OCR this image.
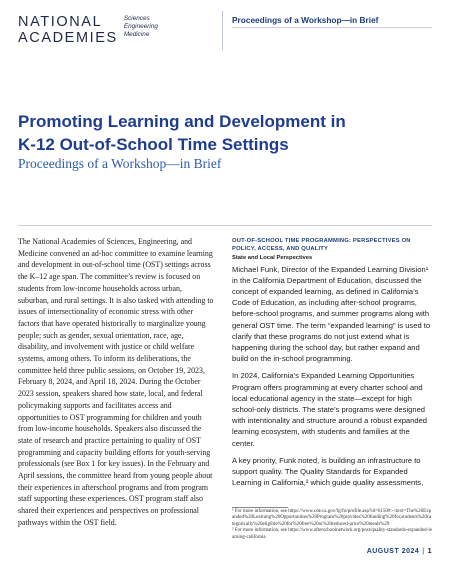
NATIONAL
ACADEMIES
Sciences
Engineering
Medicine
Proceedings of a Workshop—in Brief
Promoting Learning and Development in
K-12 Out-of-School Time Settings
Proceedings of a Workshop—in Brief

The National Academies of Sciences, Engineering, and Medicine convened an ad-hoc committee to examine learning and development in out-of-school time (OST) settings across the K–12 age span. The committee’s review is focused on students from low-income households across urban, suburban, and rural settings. It is also tasked with attending to issues of intersectionality of economic stress with other factors that have operated historically to marginalize young people; such as gender, sexual orientation, race, age, disability, and involvement with justice or child welfare systems, among others. To inform its deliberations, the committee held three public sessions, on October 19, 2023, February 8, 2024, and April 18, 2024. During the October 2023 session, speakers shared how state, local, and federal policymaking supports and facilitates access and opportunities to OST programming for children and youth from low-income households. Speakers also discussed the state of research and practice pertaining to quality of OST programming and capacity building efforts for youth-serving professionals (see Box 1 for key issues). In the February and April sessions, the committee heard from young people about their experiences in afterschool programs and from program staff supporting these experiences. OST program staff also shared their experiences and perspectives on professional pathways within the OST field.

OUT-OF-SCHOOL TIME PROGRAMMING: PERSPECTIVES ON POLICY, ACCESS, AND QUALITY
State and Local Perspectives

Michael Funk, Director of the Expanded Learning Division¹ in the California Department of Education, discussed the concept of expanded learning, as defined in California’s Code of Education, as including after-school programs, before-school programs, and summer programs along with general OST time. The term “expanded learning” is used to clarify that these programs do not just extend what is happening during the school day, but rather expand and build on the in-school programming.

In 2024, California’s Expanded Learning Opportunities Program offers programming at every charter school and local educational agency in the state—except for high school-only districts. The state’s programs were designed with intentionality and structure around a robust expanded learning ecosystem, with students and families at the center.

A key priority, Funk noted, is building an infrastructure to support quality. The Quality Standards for Expanded Learning in California,² which guide quality assessments,

¹ For more information, see https://www.cde.ca.gov/fg/fo/profile.asp?id=6150#:~:text=The%20Expanded%20Learning%20Opportunities%20Program%20provides%20funding%20for,students%20categorically%20eligible%20for%20free%20or%20reduced-price%20meals%29
² For more information, see https://www.afterschoolnetwork.org/post/quality-standards-expanded-learning-california
AUGUST 2024 | 1
